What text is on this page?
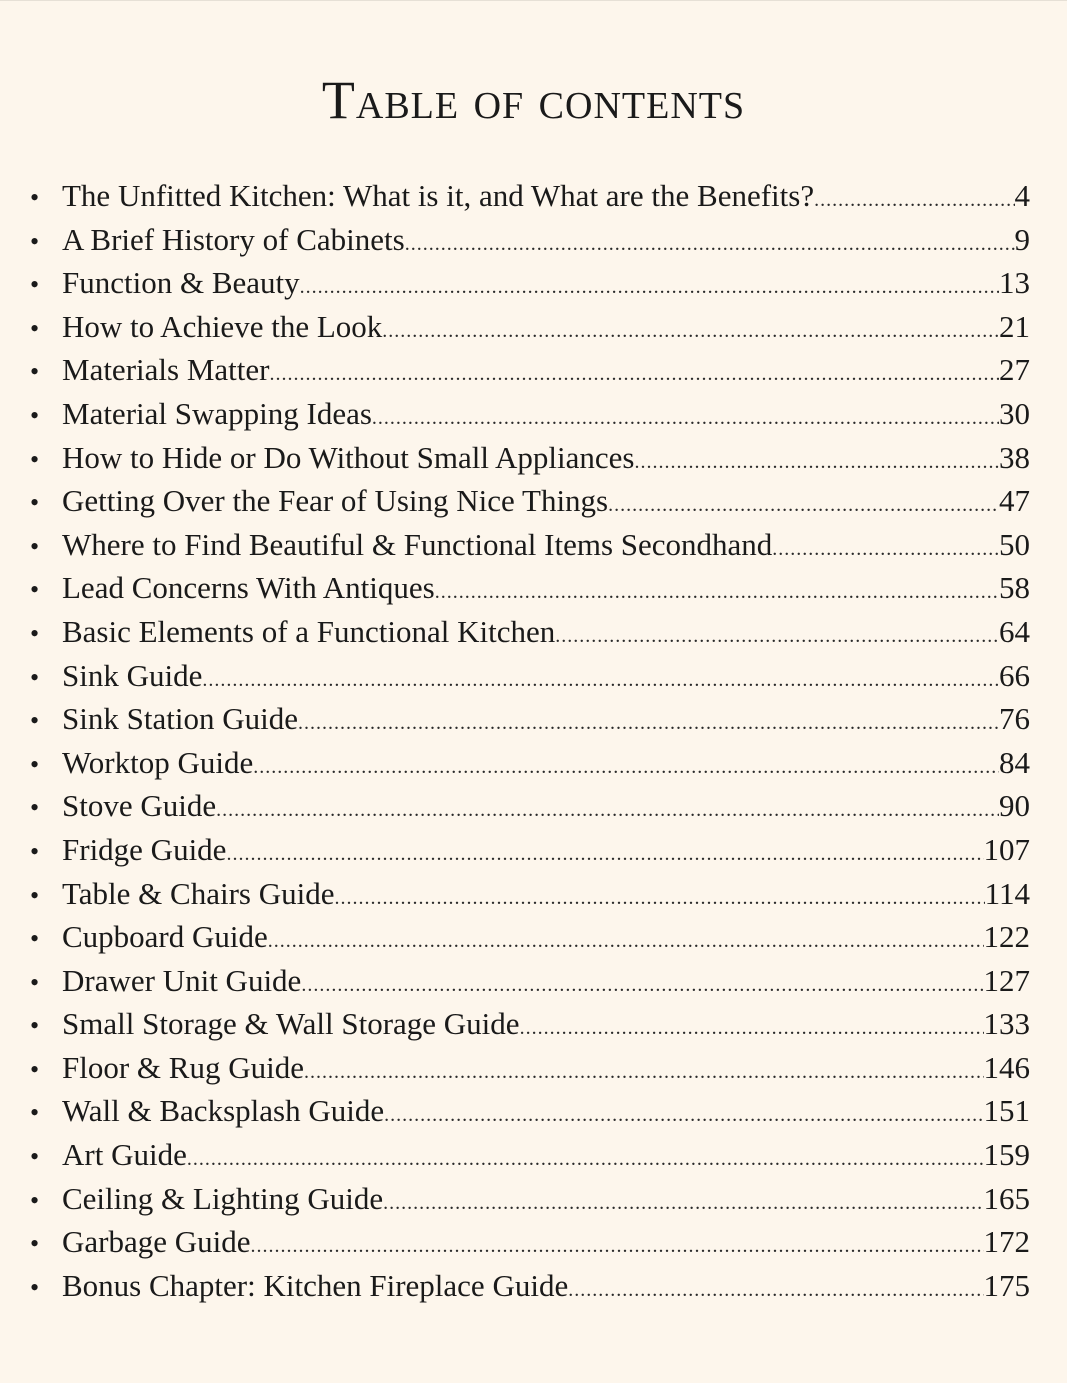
Table of contents
• The Unfitted Kitchen: What is it, and What are the Benefits? .....	4
• A Brief History of Cabinets .....	9
• Function & Beauty .....	13
• How to Achieve the Look .....	21
• Materials Matter .....	27
• Material Swapping Ideas .....	30
• How to Hide or Do Without Small Appliances .....	38
• Getting Over the Fear of Using Nice Things .....	47
• Where to Find Beautiful & Functional Items Secondhand .....	50
• Lead Concerns With Antiques .....	58
• Basic Elements of a Functional Kitchen .....	64
• Sink Guide .....	66
• Sink Station Guide .....	76
• Worktop Guide .....	84
• Stove Guide .....	90
• Fridge Guide .....	107
• Table & Chairs Guide .....	114
• Cupboard Guide .....	122
• Drawer Unit Guide .....	127
• Small Storage & Wall Storage Guide .....	133
• Floor & Rug Guide .....	146
• Wall & Backsplash Guide .....	151
• Art Guide .....	159
• Ceiling & Lighting Guide .....	165
• Garbage Guide .....	172
• Bonus Chapter: Kitchen Fireplace Guide .....	175
